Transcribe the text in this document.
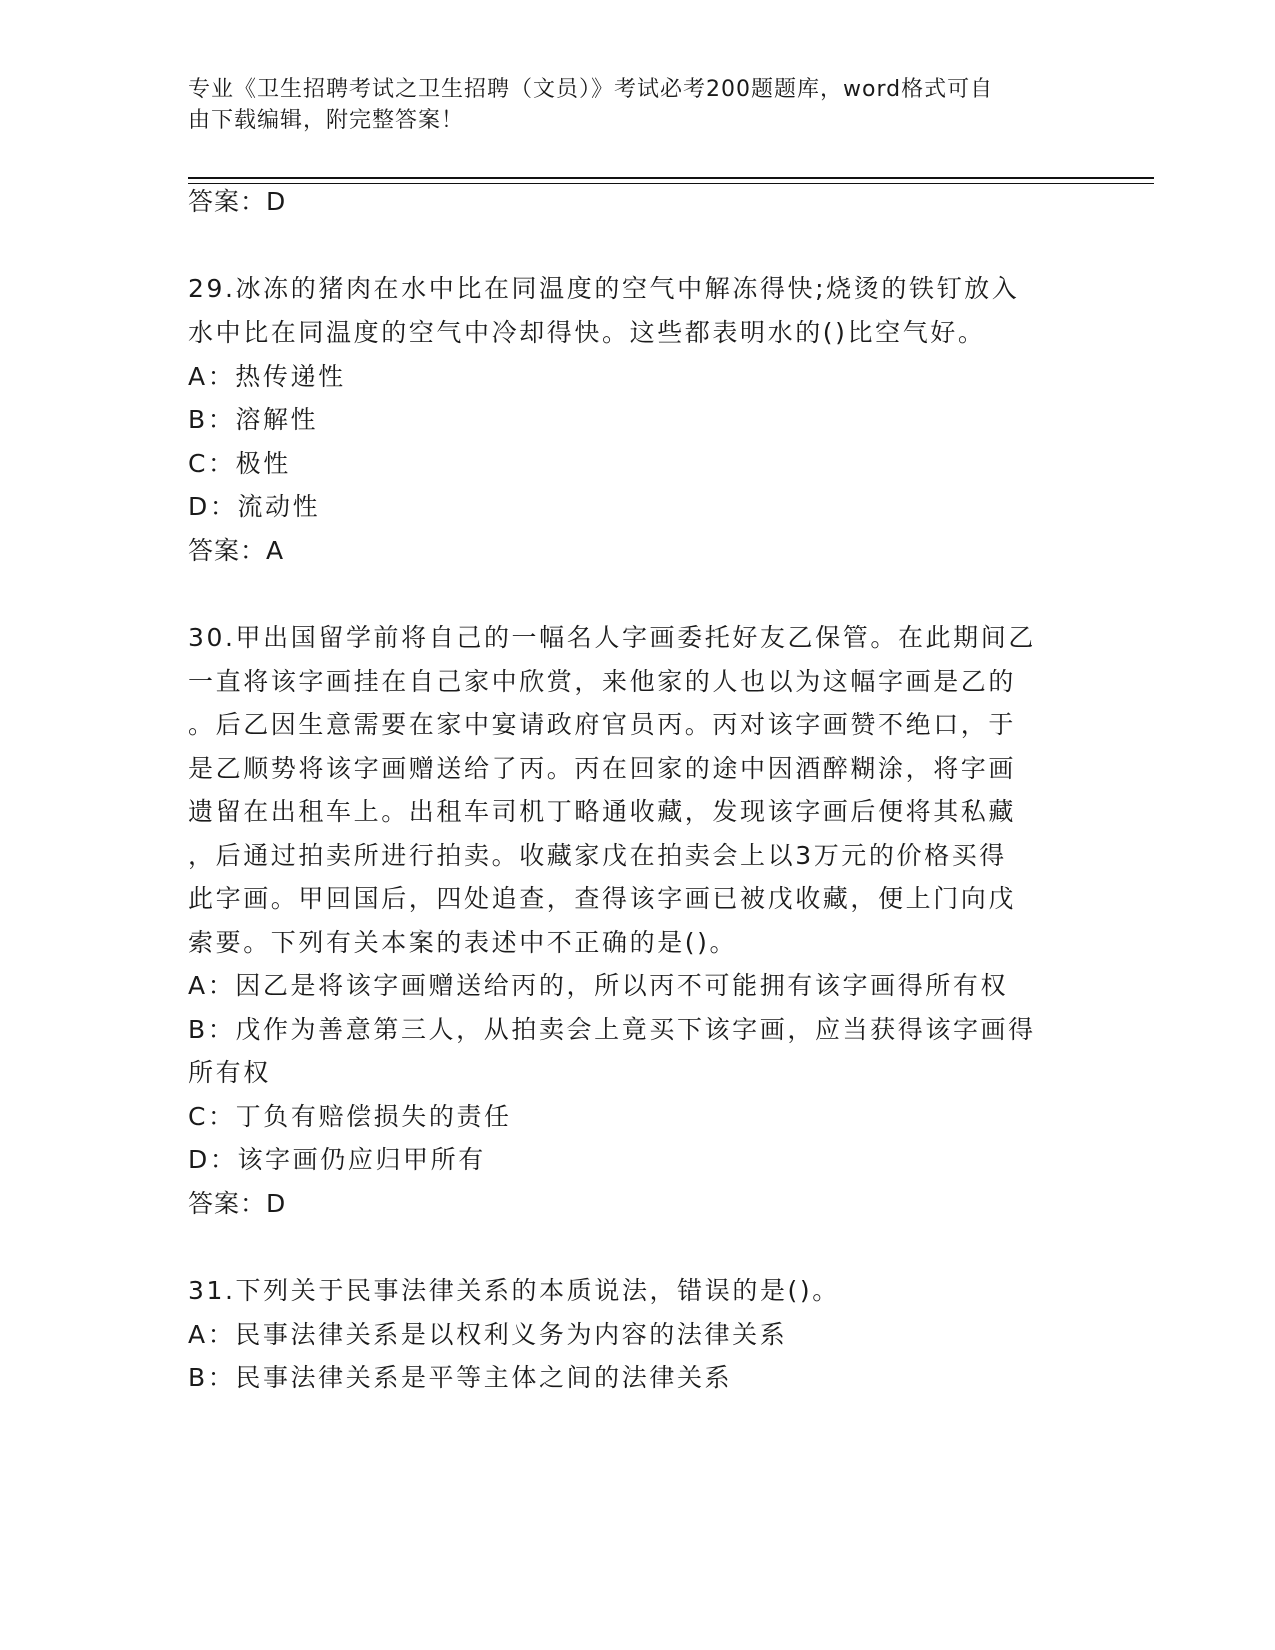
专业《卫生招聘考试之卫生招聘（文员）》考试必考200题题库，word格式可自
由下载编辑，附完整答案！
答案：D
29.冰冻的猪肉在水中比在同温度的空气中解冻得快;烧烫的铁钉放入
水中比在同温度的空气中冷却得快。这些都表明水的()比空气好。
A：热传递性
B：溶解性
C：极性
D：流动性
答案：A
30.甲出国留学前将自己的一幅名人字画委托好友乙保管。在此期间乙
一直将该字画挂在自己家中欣赏，来他家的人也以为这幅字画是乙的
。后乙因生意需要在家中宴请政府官员丙。丙对该字画赞不绝口，于
是乙顺势将该字画赠送给了丙。丙在回家的途中因酒醉糊涂，将字画
遗留在出租车上。出租车司机丁略通收藏，发现该字画后便将其私藏
，后通过拍卖所进行拍卖。收藏家戊在拍卖会上以3万元的价格买得
此字画。甲回国后，四处追查，查得该字画已被戊收藏，便上门向戊
索要。下列有关本案的表述中不正确的是()。
A：因乙是将该字画赠送给丙的，所以丙不可能拥有该字画得所有权
B：戊作为善意第三人，从拍卖会上竟买下该字画，应当获得该字画得
所有权
C：丁负有赔偿损失的责任
D：该字画仍应归甲所有
答案：D
31.下列关于民事法律关系的本质说法，错误的是()。
A：民事法律关系是以权利义务为内容的法律关系
B：民事法律关系是平等主体之间的法律关系
